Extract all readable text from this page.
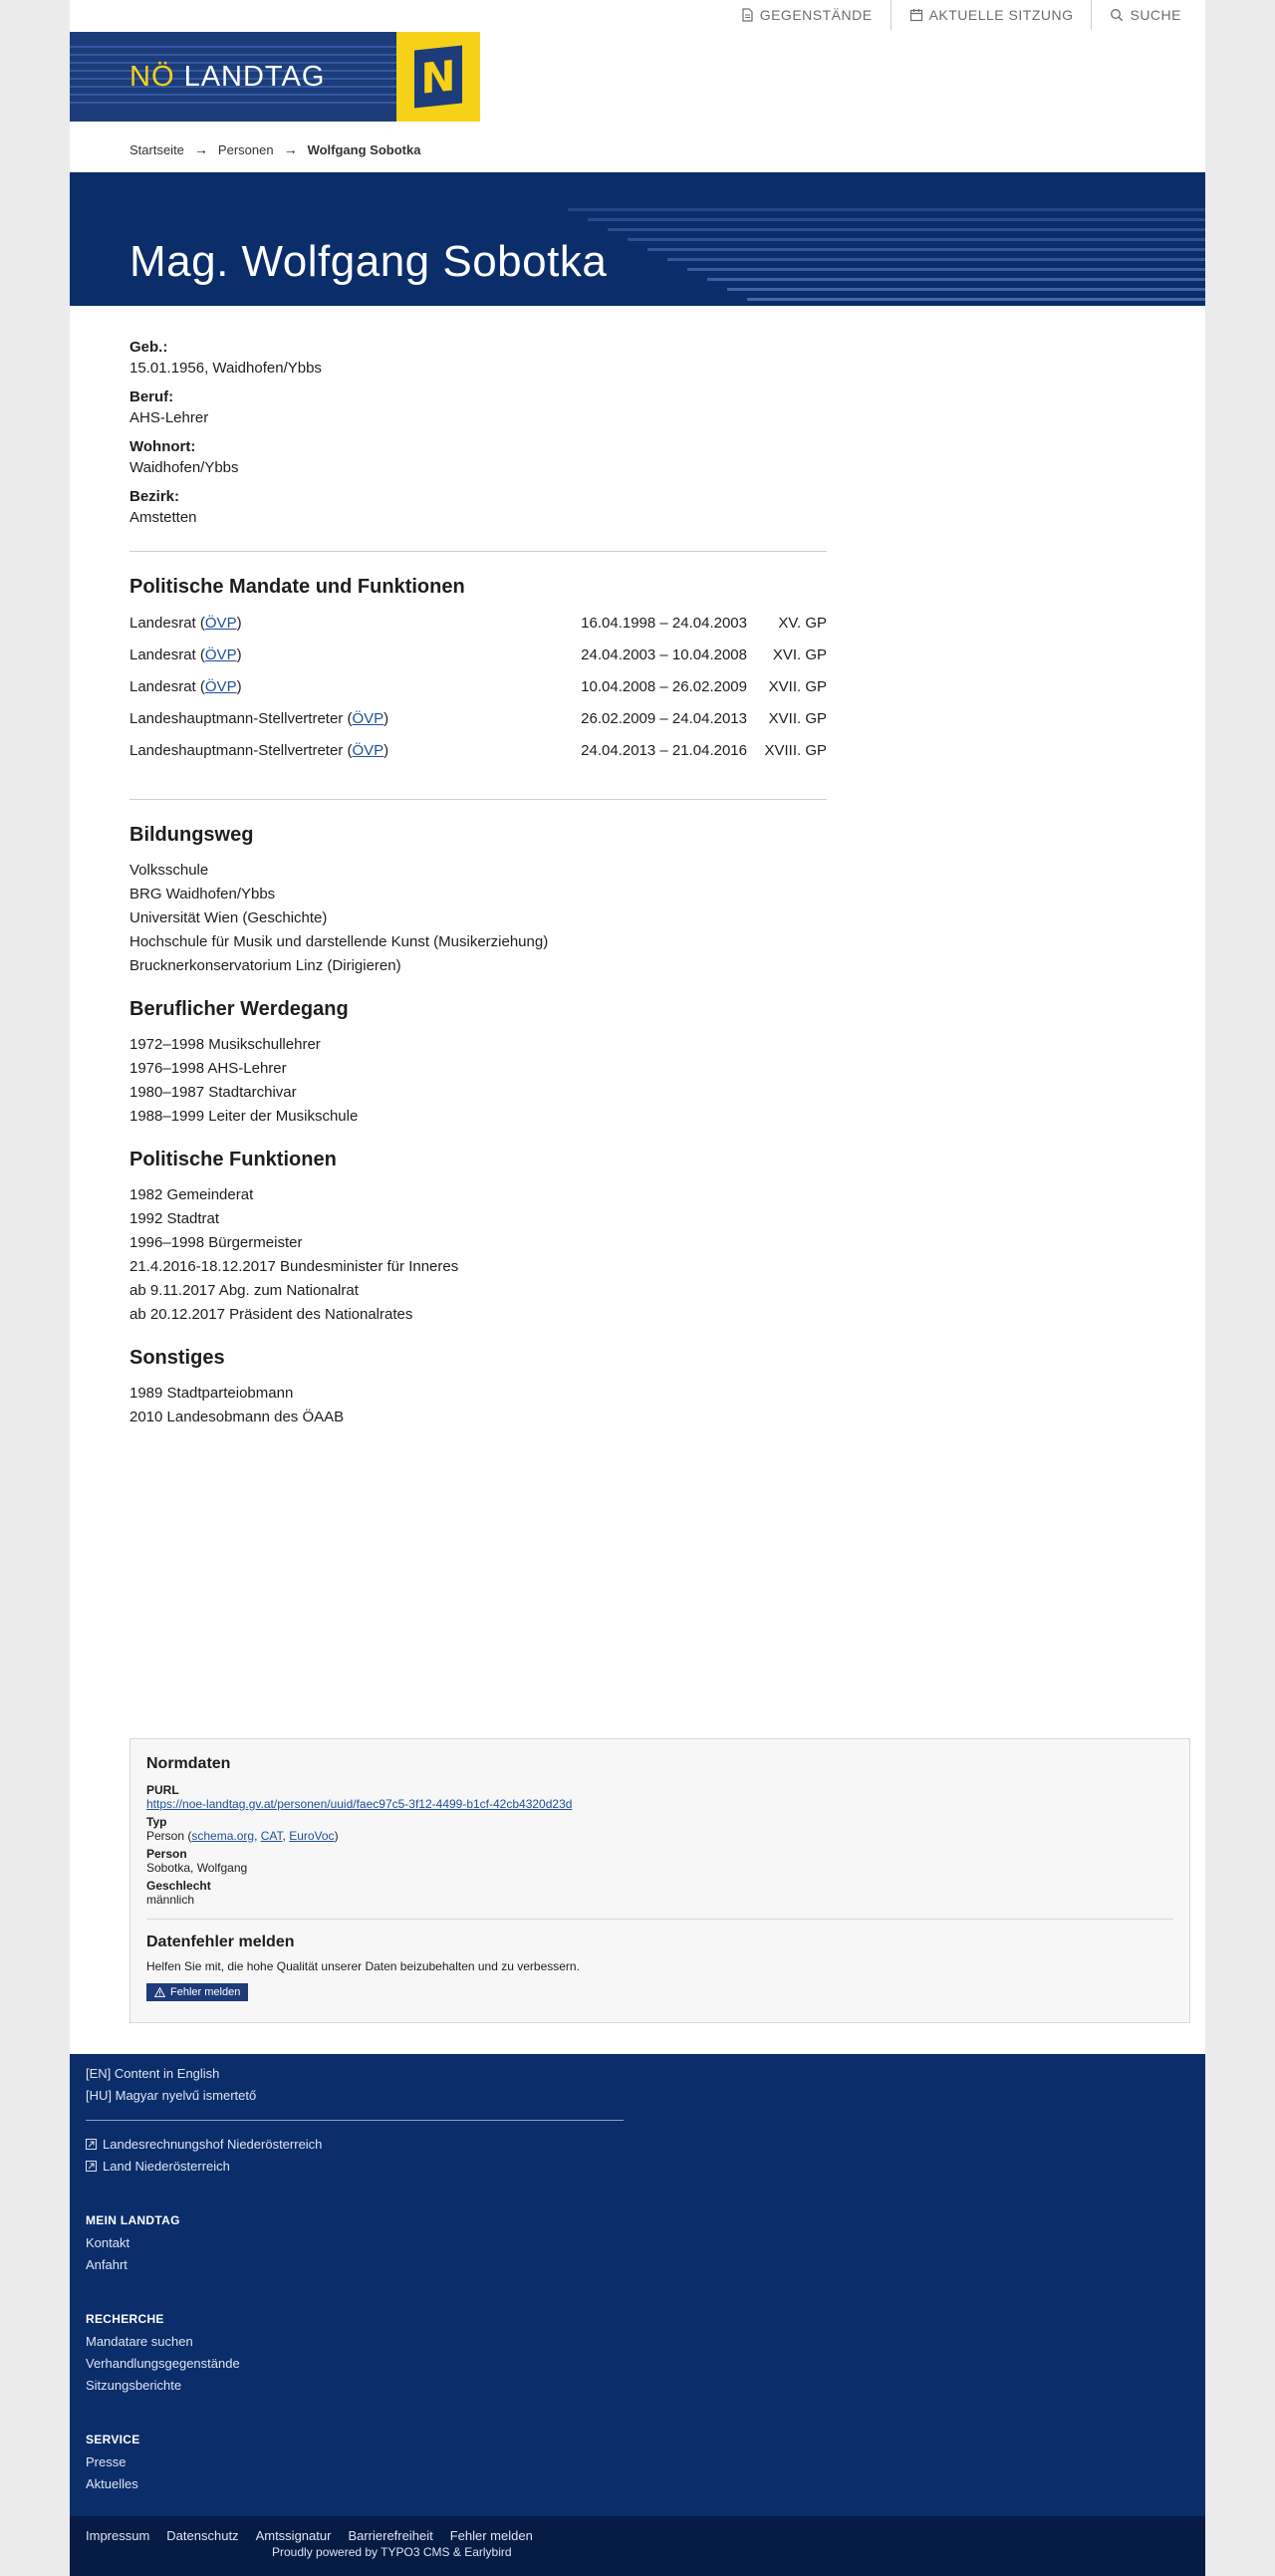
GEGENSTÄNDE	AKTUELLE SITZUNG	SUCHE
NÖ LANDTAG N
Startseite → Personen → Wolfgang Sobotka
Mag. Wolfgang Sobotka
Geb.:
15.01.1956, Waidhofen/Ybbs
Beruf:
AHS-Lehrer
Wohnort:
Waidhofen/Ybbs
Bezirk:
Amstetten
Politische Mandate und Funktionen
Landesrat (ÖVP)	16.04.1998 – 24.04.2003	XV. GP
Landesrat (ÖVP)	24.04.2003 – 10.04.2008	XVI. GP
Landesrat (ÖVP)	10.04.2008 – 26.02.2009	XVII. GP
Landeshauptmann-Stellvertreter (ÖVP)	26.02.2009 – 24.04.2013	XVII. GP
Landeshauptmann-Stellvertreter (ÖVP)	24.04.2013 – 21.04.2016	XVIII. GP
Bildungsweg
Volksschule
BRG Waidhofen/Ybbs
Universität Wien (Geschichte)
Hochschule für Musik und darstellende Kunst (Musikerziehung)
Brucknerkonservatorium Linz (Dirigieren)
Beruflicher Werdegang
1972–1998 Musikschullehrer
1976–1998 AHS-Lehrer
1980–1987 Stadtarchivar
1988–1999 Leiter der Musikschule
Politische Funktionen
1982 Gemeinderat
1992 Stadtrat
1996–1998 Bürgermeister
21.4.2016-18.12.2017 Bundesminister für Inneres
ab 9.11.2017 Abg. zum Nationalrat
ab 20.12.2017 Präsident des Nationalrates
Sonstiges
1989 Stadtparteiobmann
2010 Landesobmann des ÖAAB
Normdaten
PURL
https://noe-landtag.gv.at/personen/uuid/faec97c5-3f12-4499-b1cf-42cb4320d23d
Typ
Person (schema.org, CAT, EuroVoc)
Person
Sobotka, Wolfgang
Geschlecht
männlich
Datenfehler melden
Helfen Sie mit, die hohe Qualität unserer Daten beizubehalten und zu verbessern.
Fehler melden
[EN] Content in English
[HU] Magyar nyelvű ismertető
Landesrechnungshof Niederösterreich
Land Niederösterreich
MEIN LANDTAG
Kontakt
Anfahrt
RECHERCHE
Mandatare suchen
Verhandlungsgegenstände
Sitzungsberichte
SERVICE
Presse
Aktuelles
Impressum Datenschutz Amtssignatur Barrierefreiheit Fehler melden
Proudly powered by TYPO3 CMS & Earlybird
